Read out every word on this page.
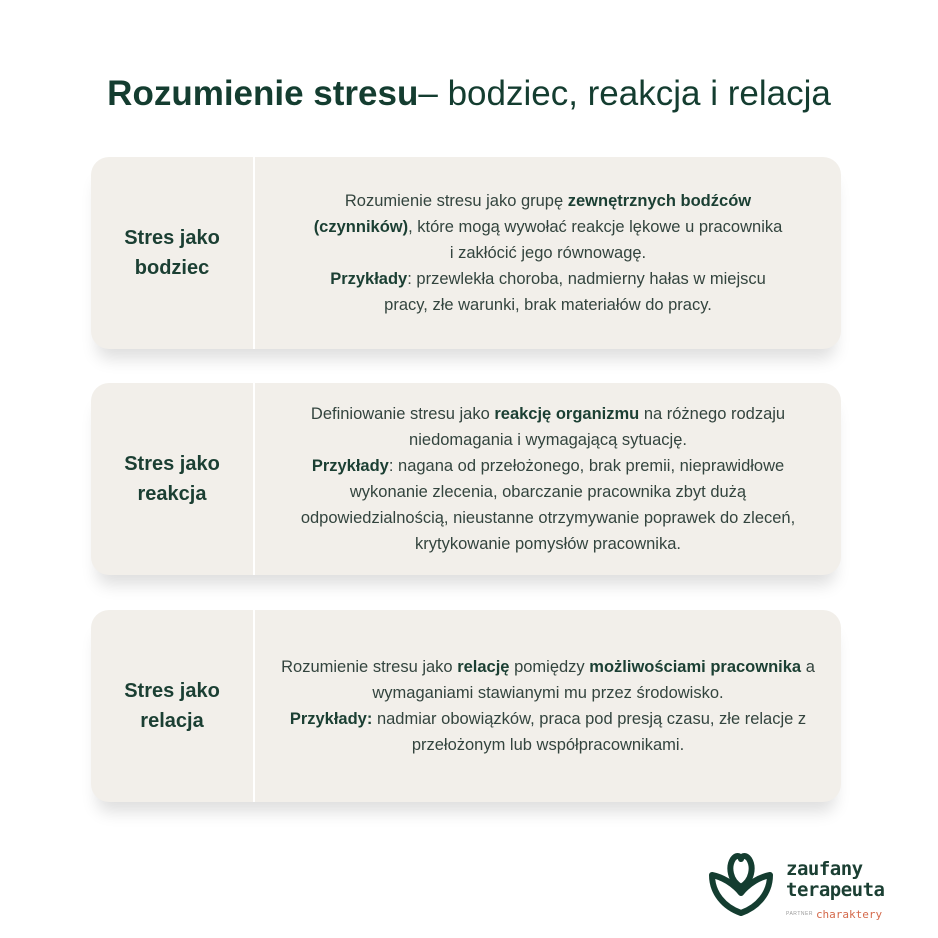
Rozumienie stresu– bodziec, reakcja i relacja
Stres jako
bodziec

Rozumienie stresu jako grupę zewnętrznych bodźców (czynników), które mogą wywołać reakcje lękowe u pracownika i zakłócić jego równowagę.
Przykłady: przewlekła choroba, nadmierny hałas w miejscu pracy, złe warunki, brak materiałów do pracy.

Stres jako
reakcja

Definiowanie stresu jako reakcję organizmu na różnego rodzaju niedomagania i wymagającą sytuację.
Przykłady: nagana od przełożonego, brak premii, nieprawidłowe wykonanie zlecenia, obarczanie pracownika zbyt dużą odpowiedzialnością, nieustanne otrzymywanie poprawek do zleceń, krytykowanie pomysłów pracownika.

Stres jako
relacja

Rozumienie stresu jako relację pomiędzy możliwościami pracownika a wymaganiami stawianymi mu przez środowisko.
Przykłady: nadmiar obowiązków, praca pod presją czasu, złe relacje z przełożonym lub współpracownikami.

zaufany
terapeuta
PARTNER charaktery
